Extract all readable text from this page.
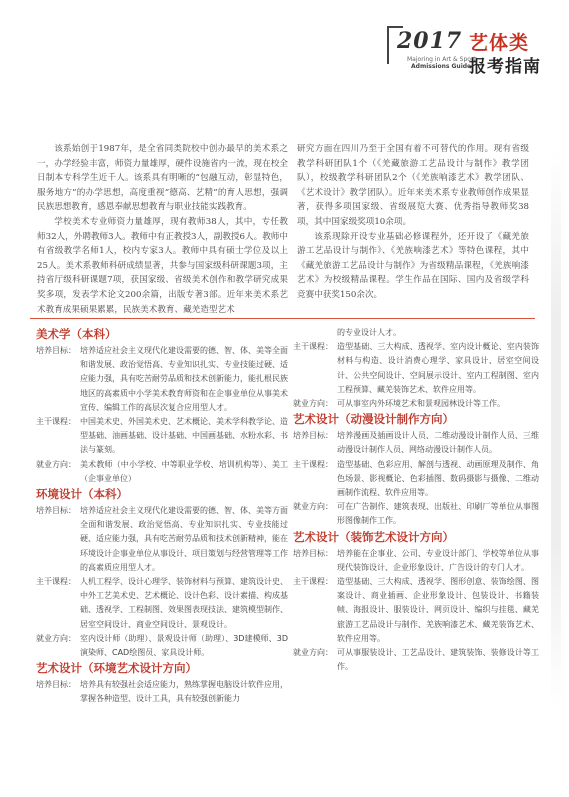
2017 艺体类
报考指南
Majoring in Art & Sport
Admissions Guide

该系始创于1987年，是全省同类院校中创办最早的美术系之一，办学经验丰富，师资力量雄厚，硬件设施省内一流，现在校全日制本专科学生近千人。该系具有明晰的“包融互动，彰显特色，服务地方”的办学思想，高度重视“德高、艺精”的育人思想，强调民族思想教育，感恩奉献思想教育与职业技能实践教育。

学校美术专业师资力量雄厚，现有教师38人，其中，专任教师32人，外聘教师3人。教师中有正教授3人，副教授6人。教师中有省级教学名师1人，校内专家3人。教师中具有硕士学位及以上25人。美术系教师科研成绩显著，共参与国家级科研课题3项，主持省厅级科研课题7项，获国家级、省级美术创作和教学研究成果奖多项，发表学术论文200余篇，出版专著3部。近年来美术系艺术教育成果硕果累累，民族美术教育、藏羌造型艺术

研究方面在四川乃至于全国有着不可替代的作用。现有省级教学科研团队1个（《羌藏旅游工艺品设计与制作》教学团队），校级教学科研团队2个（《羌族响漆艺术》教学团队、《艺术设计》教学团队）。近年来美术系专业教师创作成果显著，获得多项国家级、省级展览大赛、优秀指导教师奖38项，其中国家级奖项10余项。

该系现除开设专业基础必修课程外，还开设了《藏羌旅游工艺品设计与制作》、《羌族响漆艺术》等特色课程，其中《藏羌旅游工艺品设计与制作》为省级精品课程，《羌族响漆艺术》为校级精品课程。学生作品在国际、国内及省级学科竞赛中获奖150余次。

美术学（本科）
培养目标： 培养适应社会主义现代化建设需要的德、智、体、美等全面和谐发展、政治觉悟高、专业知识扎实、专业技能过硬、适应能力强，具有吃苦耐劳品质和技术创新能力，能扎根民族地区的高素质中小学美术教育师资和在企事业单位从事美术宣传、编辑工作的高层次复合应用型人才。
主干课程： 中国美术史、外国美术史、艺术概论、美术学科教学论、造型基础、油画基础、设计基础、中国画基础、水粉水彩、书法与篆刻。
就业方向： 美术教师（中小学校、中等职业学校、培训机构等）、美工（企事业单位）
环境设计（本科）
培养目标： 培养适应社会主义现代化建设需要的德、智、体、美等方面全面和谐发展、政治觉悟高、专业知识扎实、专业技能过硬、适应能力强，具有吃苦耐劳品质和技术创新精神，能在环境设计企事业单位从事设计、项目策划与经营管理等工作的高素质应用型人才。
主干课程： 人机工程学、设计心理学、装饰材料与预算、建筑设计史、中外工艺美术史、艺术概论、设计色彩、设计素描、构成基础、透视学、工程制图、效果图表现技法、建筑模型制作、居室空间设计、商业空间设计、景观设计。
就业方向： 室内设计师（助理）、景观设计师（助理）、3D建模师、3D演染师、CAD绘图员、家具设计师。
艺术设计（环境艺术设计方向）
培养目标： 培养具有较强社会适应能力，熟练掌握电脑设计软件应用，掌握各种造型、设计工具，具有较强创新能力
的专业设计人才。
主干课程： 造型基础、三大构成、透视学、室内设计概论、室内装饰材料与构造、设计消费心理学、家具设计、居室空间设计、公共空间设计、空间展示设计、室内工程制图、室内工程预算、藏羌装饰艺术、软件应用等。
就业方向： 可从事室内外环境艺术和景观园林设计等工作。
艺术设计（动漫设计制作方向）
培养目标： 培养漫画及插画设计人员、二维动漫设计制作人员、三维动漫设计制作人员、网络动漫设计制作人员。
主干课程： 造型基础、色彩应用、解剖与透视、动画原理及制作、角色场景、影视概论、色彩插图、数码摄影与摄像、二维动画制作流程、软件应用等。
就业方向： 可在广告制作、建筑表现、出版社、印刷厂等单位从事图形图像制作工作。
艺术设计（装饰艺术设计方向）
培养目标： 培养能在企事业、公司、专业设计部门、学校等单位从事现代装饰设计、企业形象设计、广告设计的专门人才。
主干课程： 造型基础、三大构成、透视学、图形创意、装饰绘图、图案设计、商业插画、企业形象设计、包装设计、书籍装帧、海报设计、服装设计、网页设计、编织与挂毯、藏羌旅游工艺品设计与制作、羌族响漆艺术、藏羌装饰艺术、软件应用等。
就业方向： 可从事服装设计、工艺品设计、建筑装饰、装修设计等工作。
